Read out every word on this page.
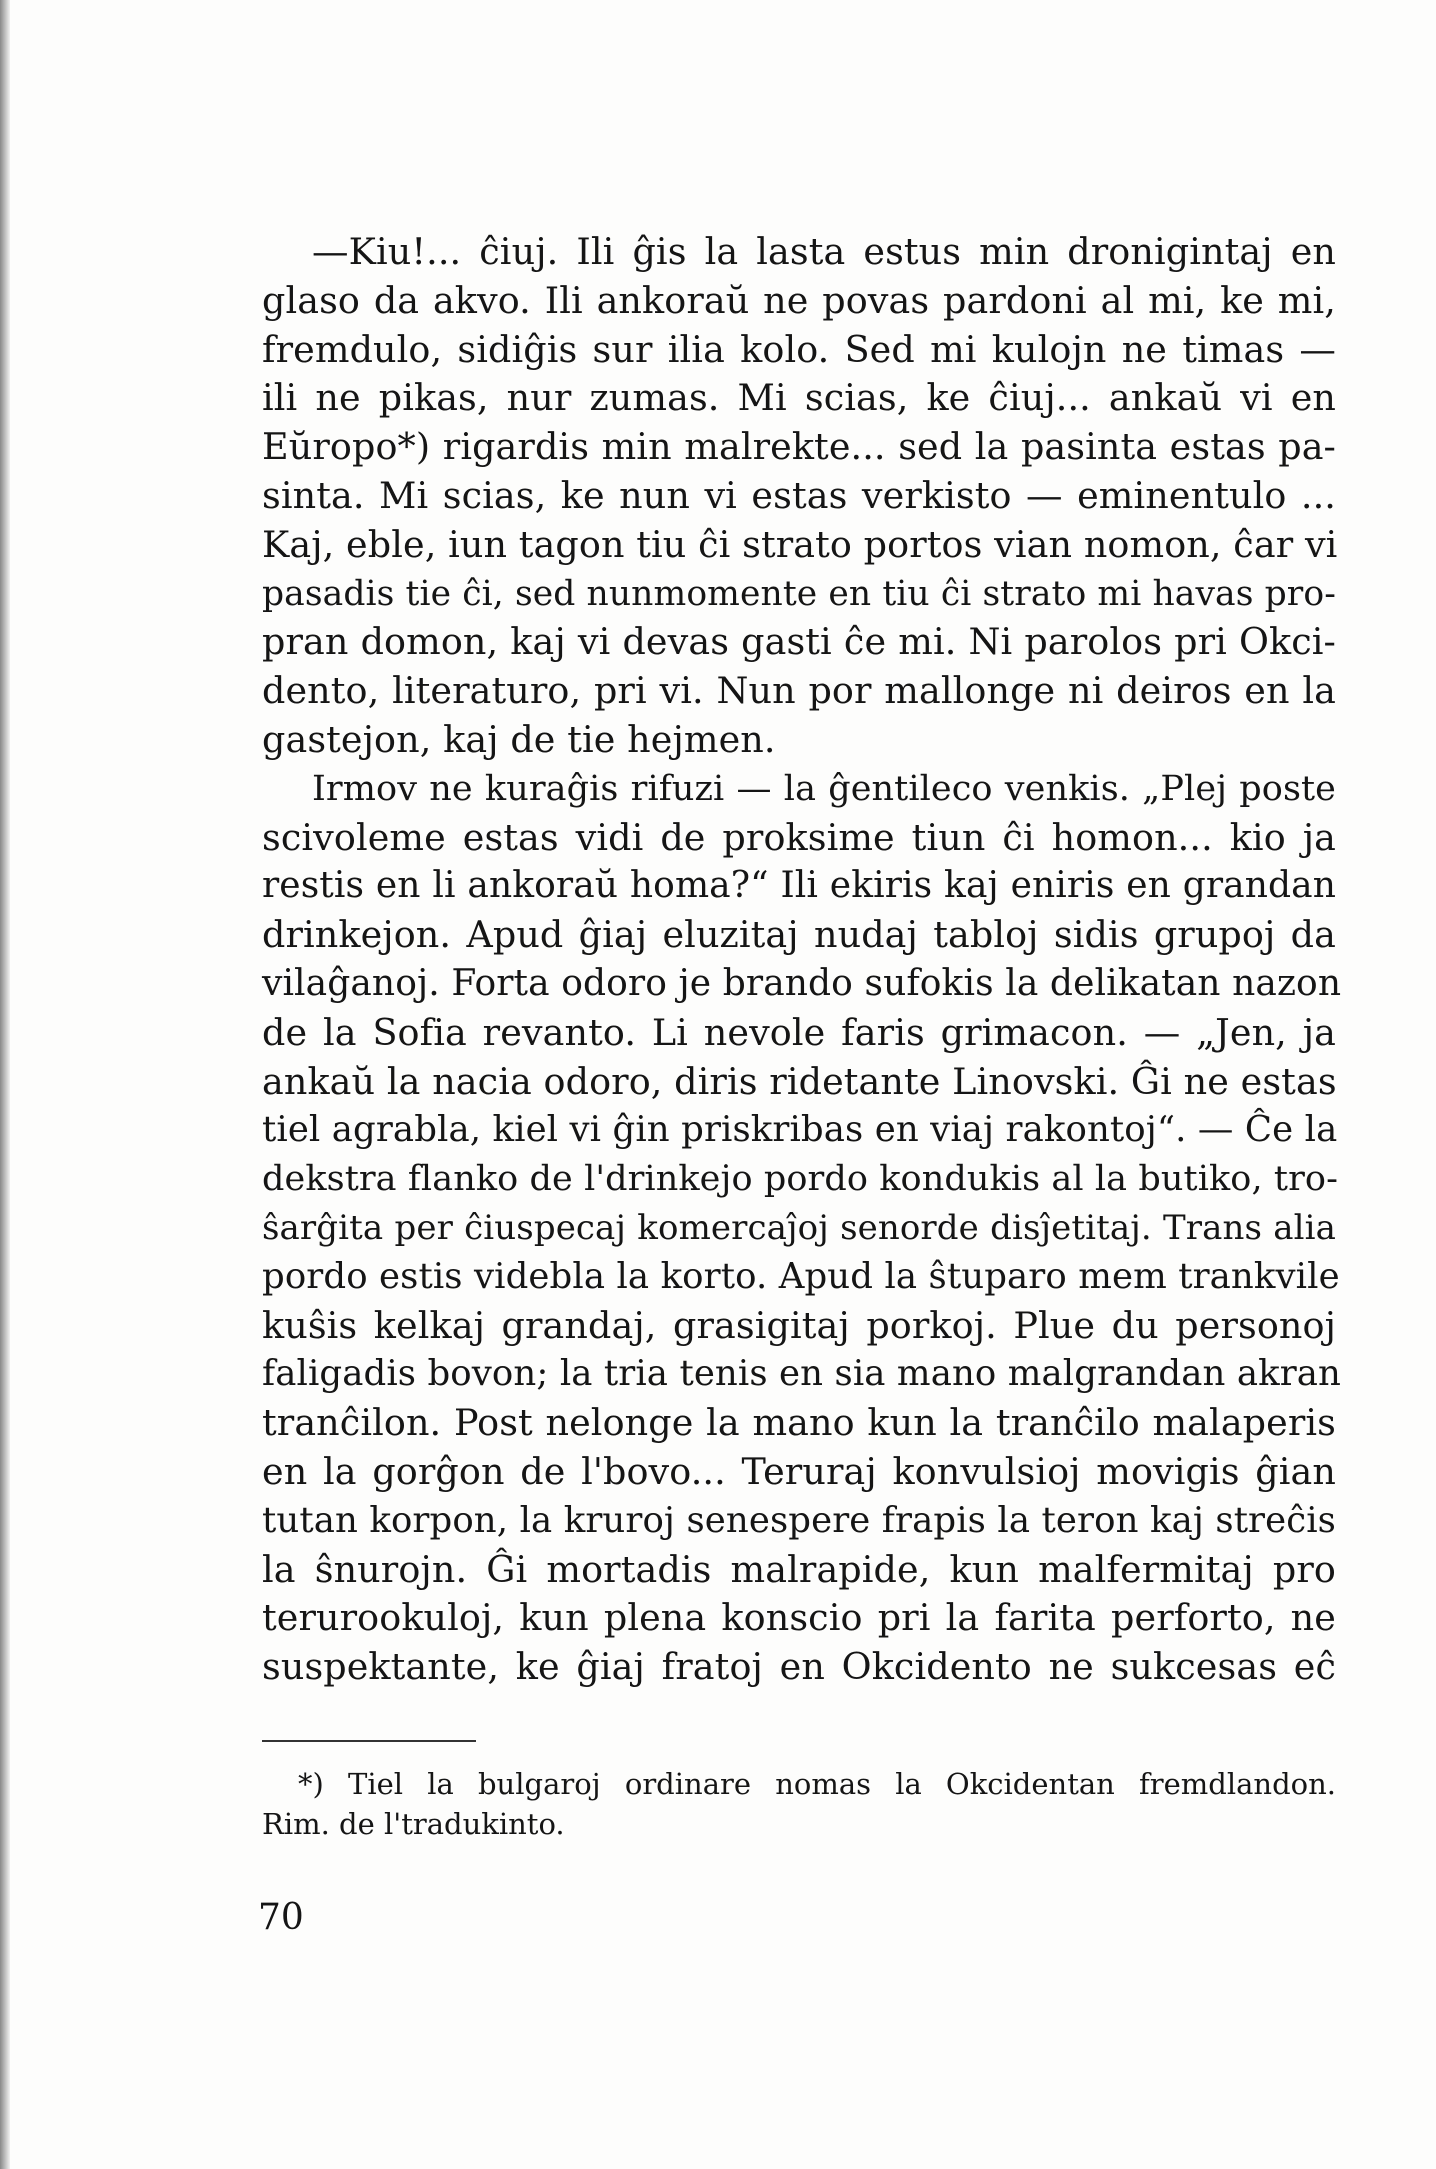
—Kiu!... ĉiuj. Ili ĝis la lasta estus min dronigintaj en
glaso da akvo. Ili ankoraŭ ne povas pardoni al mi, ke mi,
fremdulo, sidiĝis sur ilia kolo. Sed mi kulojn ne timas —
ili ne pikas, nur zumas. Mi scias, ke ĉiuj... ankaŭ vi en
Eŭropo*) rigardis min malrekte... sed la pasinta estas pa-
sinta. Mi scias, ke nun vi estas verkisto — eminentulo ...
Kaj, eble, iun tagon tiu ĉi strato portos vian nomon, ĉar vi
pasadis tie ĉi, sed nunmomente en tiu ĉi strato mi havas pro-
pran domon, kaj vi devas gasti ĉe mi. Ni parolos pri Okci-
dento, literaturo, pri vi. Nun por mallonge ni deiros en la
gastejon, kaj de tie hejmen.
Irmov ne kuraĝis rifuzi — la ĝentileco venkis. „Plej poste
scivoleme estas vidi de proksime tiun ĉi homon... kio ja
restis en li ankoraŭ homa?“ Ili ekiris kaj eniris en grandan
drinkejon. Apud ĝiaj eluzitaj nudaj tabloj sidis grupoj da
vilaĝanoj. Forta odoro je brando sufokis la delikatan nazon
de la Sofia revanto. Li nevole faris grimacon. — „Jen, ja
ankaŭ la nacia odoro, diris ridetante Linovski. Ĝi ne estas
tiel agrabla, kiel vi ĝin priskribas en viaj rakontoj“. — Ĉe la
dekstra flanko de l'drinkejo pordo kondukis al la butiko, tro-
ŝarĝita per ĉiuspecaj komercaĵoj senorde disĵetitaj. Trans alia
pordo estis videbla la korto. Apud la ŝtuparo mem trankvile
kuŝis kelkaj grandaj, grasigitaj porkoj. Plue du personoj
faligadis bovon; la tria tenis en sia mano malgrandan akran
tranĉilon. Post nelonge la mano kun la tranĉilo malaperis
en la gorĝon de l'bovo... Teruraj konvulsioj movigis ĝian
tutan korpon, la kruroj senespere frapis la teron kaj streĉis
la ŝnurojn. Ĝi mortadis malrapide, kun malfermitaj pro
terurookuloj, kun plena konscio pri la farita perforto, ne
suspektante, ke ĝiaj fratoj en Okcidento ne sukcesas eĉ
*) Tiel la bulgaroj ordinare nomas la Okcidentan fremdlandon.
Rim. de l'tradukinto.
70
